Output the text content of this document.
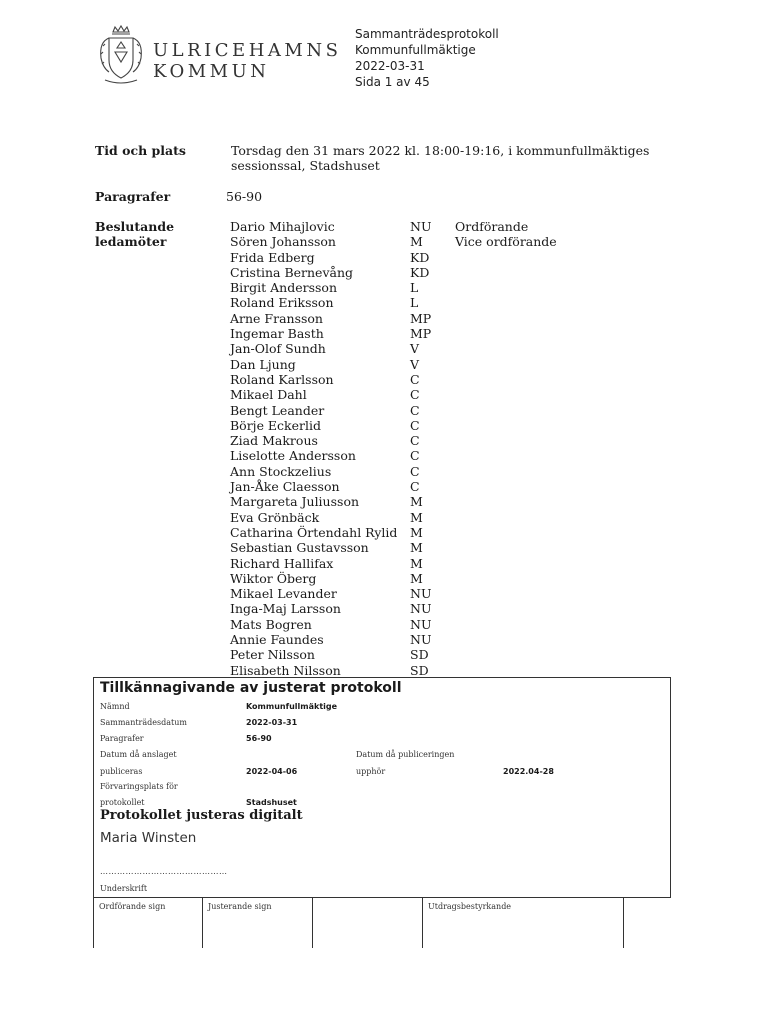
ULRICEHAMNS
KOMMUN
Sammanträdesprotokoll
Kommunfullmäktige
2022-03-31
Sida 1 av 45
Tid och plats	Torsdag den 31 mars 2022 kl. 18:00-19:16, i kommunfullmäktiges
sessionssal, Stadshuset
Paragrafer	56-90
Beslutande
ledamöter
Dario Mihajlovic	NU Ordförande
Sören Johansson	M	Vice ordförande
Frida Edberg	KD
Cristina Bernevång	KD
Birgit Andersson	L
Roland Eriksson	L
Arne Fransson	MP
Ingemar Basth	MP
Jan-Olof Sundh	V
Dan Ljung	V
Roland Karlsson	C
Mikael Dahl	C
Bengt Leander	C
Börje Eckerlid	C
Ziad Makrous	C
Liselotte Andersson	C
Ann Stockzelius	C
Jan-Åke Claesson	C
Margareta Juliusson	M
Eva Grönbäck	M
Catharina Örtendahl Rylid M
Sebastian Gustavsson	M
Richard Hallifax	M
Wiktor Öberg	M
Mikael Levander	NU
Inga-Maj Larsson	NU
Mats Bogren	NU
Annie Faundes	NU
Peter Nilsson	SD
Elisabeth Nilsson	SD
Tillkännagivande av justerat protokoll
Nämnd	Kommunfullmäktige
Sammanträdesdatum	2022-03-31
Paragrafer	56-90
Datum då anslaget
publiceras	2022-04-06
Datum då publiceringen
upphör	2022.04-28
Förvaringsplats för
protokollet	Stadshuset
Protokollet justeras digitalt
Maria Winsten
………………………………………
Underskrift
Ordförande sign	Justerande sign	Utdragsbestyrkande
